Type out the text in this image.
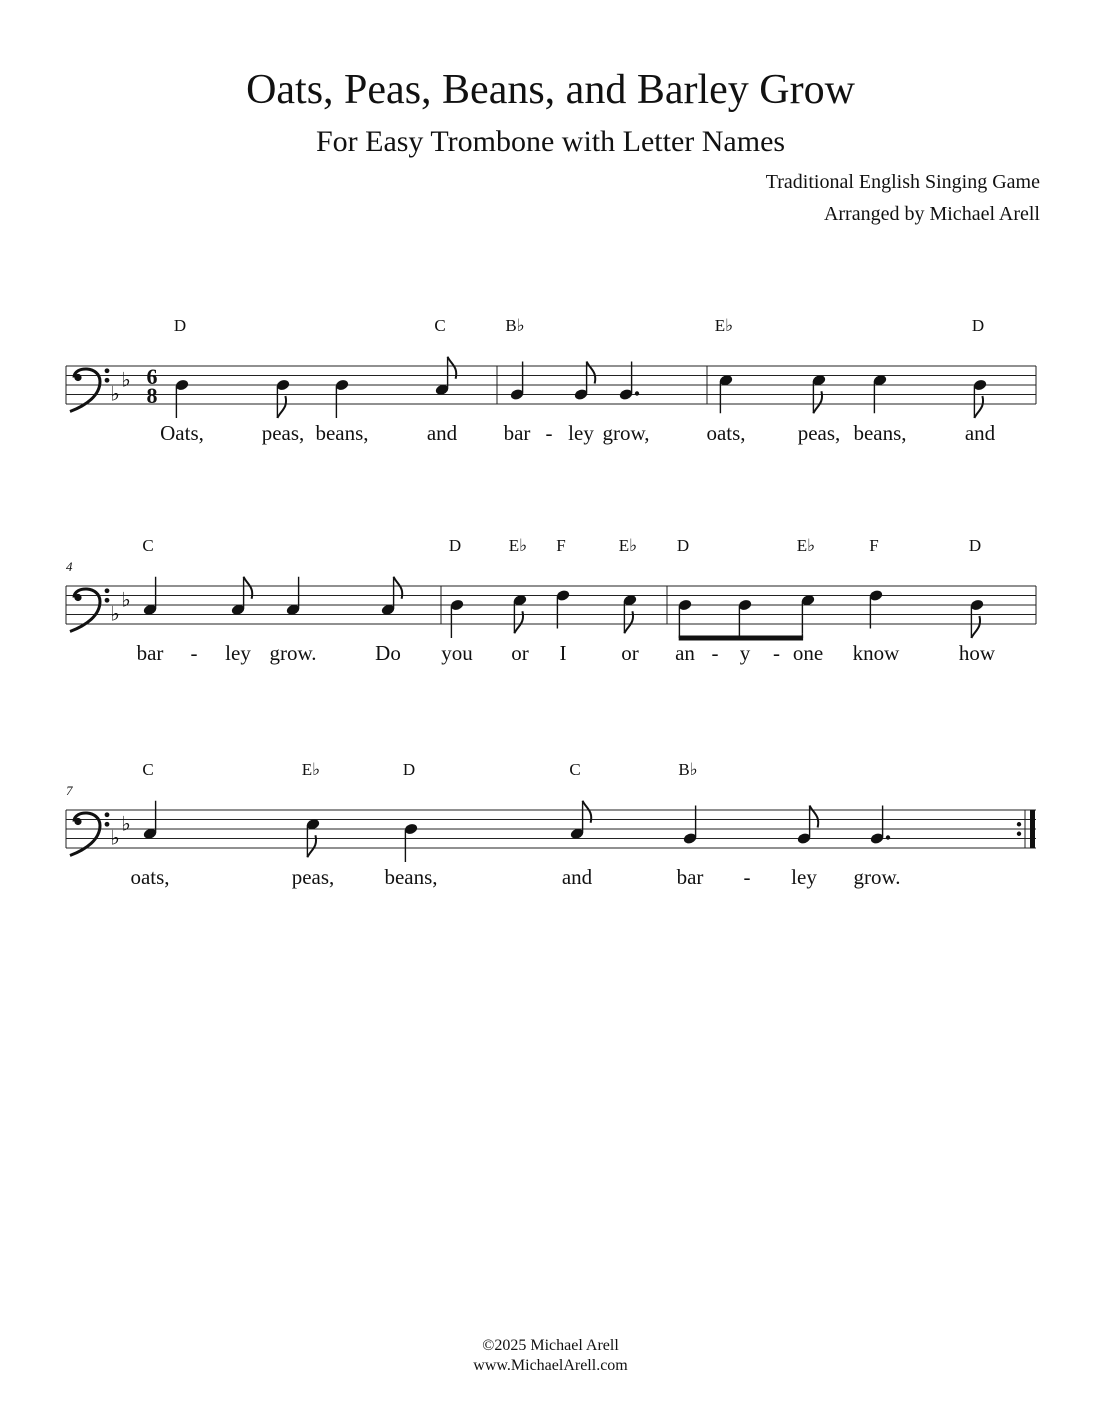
Oats, Peas, Beans, and Barley Grow
For Easy Trombone with Letter Names
Traditional English Singing Game
Arranged by Michael Arell
♭
♭ 6
8
D
Oats,	peas, beans,
C
and
B♭
bar ley
- grow,
E♭
oats, peas, beans,
D
and
♭
♭
4
C
bar	ley
-	grow.	Do
D
you
E♭
or
F
I
E♭
or
D
an y
-
E♭
one
-
F
know
D
how
♭
♭
7
C
oats,
E♭
peas,
D
beans,
C
and
B♭
bar	ley
-	grow.
©2025 Michael Arell
www.MichaelArell.com
